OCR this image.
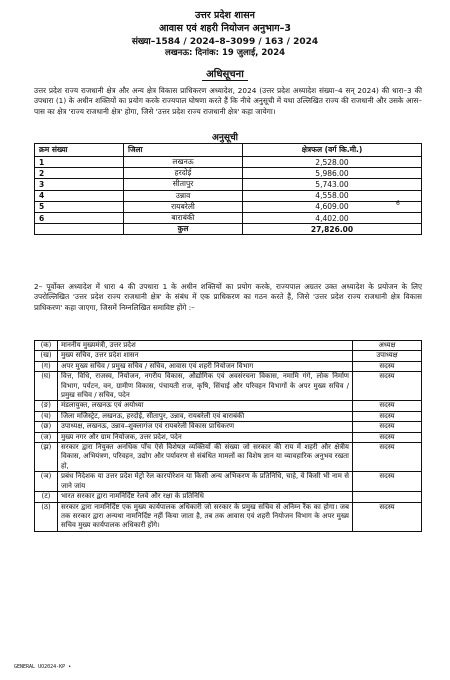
उत्तर प्रदेश शासन
आवास एवं शहरी नियोजन अनुभाग–3
संख्या–1584 / 2024–8–3099 / 163 / 2024
लखनऊ: दिनांक: 19 जुलाई, 2024
अधिसूचना
उत्तर प्रदेश राज्य राजधानी क्षेत्र और अन्य क्षेत्र विकास प्राधिकरण अध्यादेश, 2024 (उत्तर प्रदेश अध्यादेश संख्या–4 सन् 2024) की धारा–3 की उपधारा (1) के अधीन शक्तियों का प्रयोग करके राज्यपाल घोषणा करते हैं कि नीचे अनुसूची में यथा उल्लिखित राज्य की राजधानी और उसके आस–पास का क्षेत्र 'राज्य राजधानी क्षेत्र' होगा, जिसे 'उत्तर प्रदेश राज्य राजधानी क्षेत्र' कहा जायेगा।
अनुसूची
क्रम संख्या	जिला	क्षेत्रफल (वर्ग कि.मी.)
1	लखनऊ	2,528.00
2	हरदोई	5,986.00
3	सीतापुर	5,743.00
4	उन्नाव	4,558.00
5	रायबरेली	4,609.00
6	बाराबंकी	4,402.00
	कुल	27,826.00
6
2– पूर्वोक्त अध्यादेश में धारा 4 की उपधारा 1 के अधीन शक्तियों का प्रयोग करके, राज्यपाल अग्रतर उक्त अध्यादेश के प्रयोजन के लिए उपरोल्लिखित 'उत्तर प्रदेश राज्य राजधानी क्षेत्र' के संबंध में एक प्राधिकरण का गठन करते हैं, जिसे 'उत्तर प्रदेश राज्य राजधानी क्षेत्र विकास प्राधिकरण' कहा जाएगा, जिसमें निम्नलिखित समाविष्ट होंगे :–
(क)	माननीय मुख्यमंत्री, उत्तर प्रदेश	अध्यक्ष
(ख)	मुख्य सचिव, उत्तर प्रदेश शासन	उपाध्यक्ष
(ग)	अपर मुख्य सचिव / प्रमुख सचिव / सचिव, आवास एवं शहरी नियोजन विभाग	सदस्य
(घ)	वित्त, विधि, राजस्व, नियोजन, नगरीय विकास, औद्योगिक एवं अवसंरचना विकास, नमामि गंगे, लोक निर्माण विभाग, पर्यटन, वन, ग्रामीण विकास, पंचायती राज, कृषि, सिंचाई और परिवहन विभागों के अपर मुख्य सचिव / प्रमुख सचिव / सचिव, पदेन	सदस्य
(ङ)	मंडलायुक्त, लखनऊ एवं अयोध्या	सदस्य
(च)	जिला मजिस्ट्रेट, लखनऊ, हरदोई, सीतापुर, उन्नाव, रायबरेली एवं बाराबंकी	सदस्य
(छ)	उपाध्यक्ष, लखनऊ, उन्नाव–शुक्लागंज एवं रायबरेली विकास प्राधिकरण	सदस्य
(ज)	मुख्य नगर और ग्राम नियोजक, उत्तर प्रदेश, पदेन	सदस्य
(झ)	सरकार द्वारा नियुक्त अनधिक पाँच ऐसे विशेषज्ञ व्यक्तियों की संख्या जो सरकार की राय में शहरी और क्षेत्रीय विकास, अभियंत्रण, परिवहन, उद्योग और पर्यावरण से संबंधित मामलों का विशेष ज्ञान या व्यावहारिक अनुभव रखता हो,	सदस्य
(ञ)	प्रबंध निदेशक या उत्तर प्रदेश मेट्रो रेल कारपोरेशन या किसी अन्य अभिकरण के प्रतिनिधि, चाहे, वे किसी भी नाम से जाने जांय	सदस्य
(ट)	भारत सरकार द्वारा नामनिर्दिष्ट रेलवे और रक्षा के प्रतिनिधि	
(ठ)	सरकार द्वारा नामनिर्दिष्ट एक मुख्य कार्यपालक अधिकारी जो सरकार के प्रमुख सचिव से अनिम्न रैंक का होगा। जब तक सरकार द्वारा अन्यथा नामनिर्दिष्ट नहीं किया जाता है, तब तक आवास एवं शहरी नियोजन विभाग के अपर मुख्य सचिव मुख्य कार्यपालक अधिकारी होंगे।	सदस्य
GENERAL UO2024-KP •
